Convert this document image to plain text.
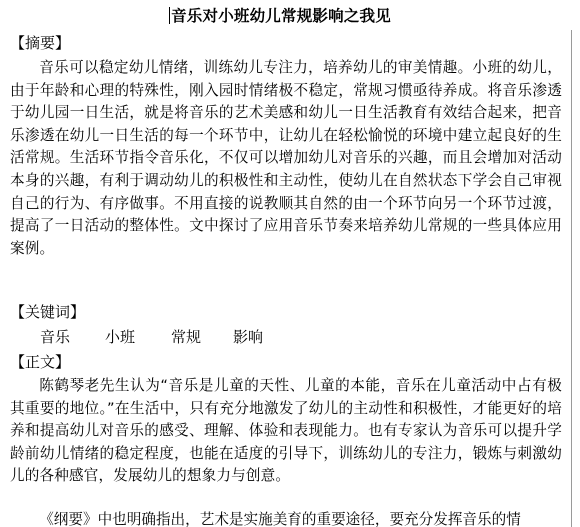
音乐对小班幼儿常规影响之我见
【摘要】

音乐可以稳定幼儿情绪，训练幼儿专注力，培养幼儿的审美情趣。小班的幼儿，由于年龄和心理的特殊性，刚入园时情绪极不稳定，常规习惯亟待养成。将音乐渗透于幼儿园一日生活，就是将音乐的艺术美感和幼儿一日生活教育有效结合起来，把音乐渗透在幼儿一日生活的每一个环节中，让幼儿在轻松愉悦的环境中建立起良好的生活常规。生活环节指令音乐化，不仅可以增加幼儿对音乐的兴趣，而且会增加对活动本身的兴趣，有利于调动幼儿的积极性和主动性，使幼儿在自然状态下学会自己审视自己的行为、有序做事。不用直接的说教顺其自然的由一个环节向另一个环节过渡，提高了一日活动的整体性。文中探讨了应用音乐节奏来培养幼儿常规的一些具体应用案例。

【关键词】
音乐	小班	常规	影响
【正文】

陈鹤琴老先生认为“音乐是儿童的天性、儿童的本能，音乐在儿童活动中占有极其重要的地位。”在生活中，只有充分地激发了幼儿的主动性和积极性，才能更好的培养和提高幼儿对音乐的感受、理解、体验和表现能力。也有专家认为音乐可以提升学龄前幼儿情绪的稳定程度，也能在适度的引导下，训练幼儿的专注力，锻炼与刺激幼儿的各种感官，发展幼儿的想象力与创意。

《纲要》中也明确指出，艺术是实施美育的重要途径，要充分发挥音乐的情
